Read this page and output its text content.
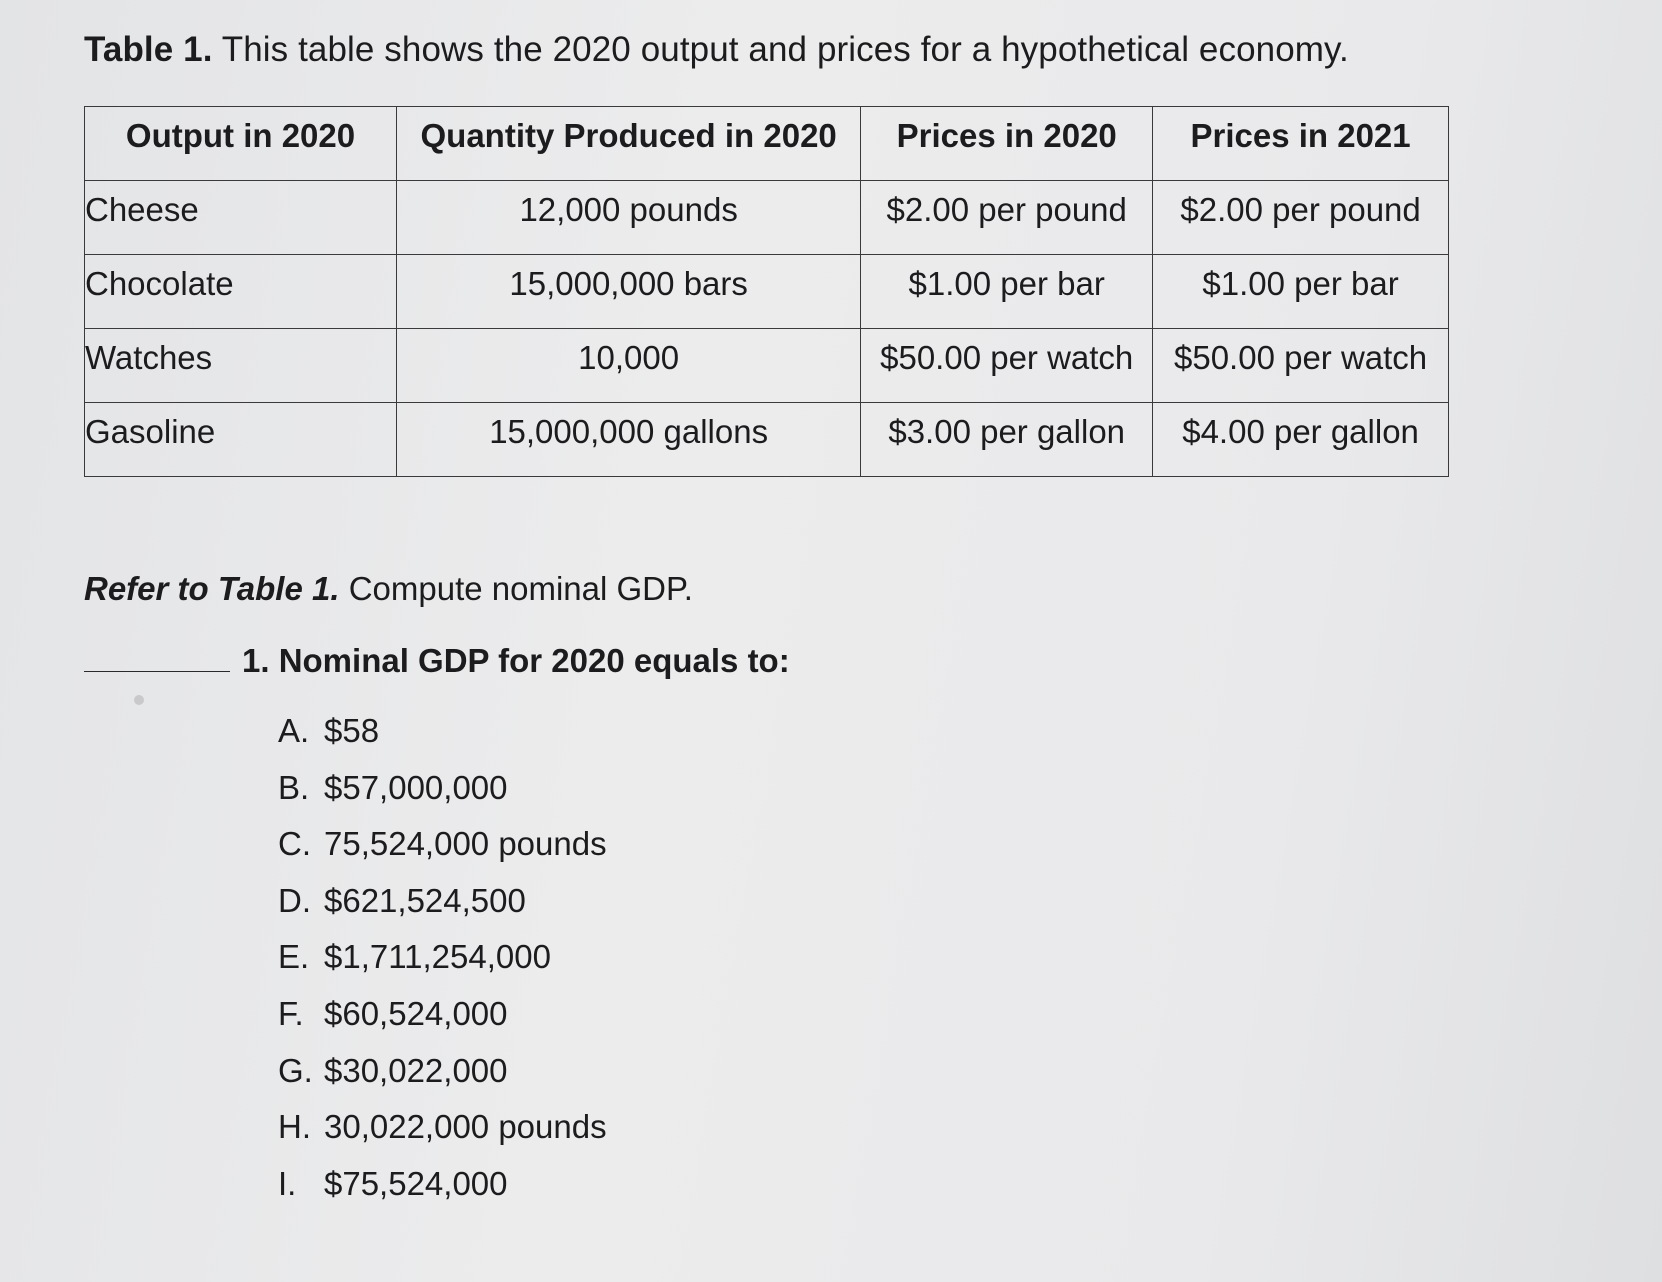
Table 1. This table shows the 2020 output and prices for a hypothetical economy.

Output in 2020	Quantity Produced in 2020	Prices in 2020	Prices in 2021
Cheese	12,000 pounds	$2.00 per pound	$2.00 per pound
Chocolate	15,000,000 bars	$1.00 per bar	$1.00 per bar
Watches	10,000	$50.00 per watch	$50.00 per watch
Gasoline	15,000,000 gallons	$3.00 per gallon	$4.00 per gallon

Refer to Table 1. Compute nominal GDP.

1. Nominal GDP for 2020 equals to:
A. $58
B. $57,000,000
C. 75,524,000 pounds
D. $621,524,500
E. $1,711,254,000
F. $60,524,000
G. $30,022,000
H. 30,022,000 pounds
I. $75,524,000
